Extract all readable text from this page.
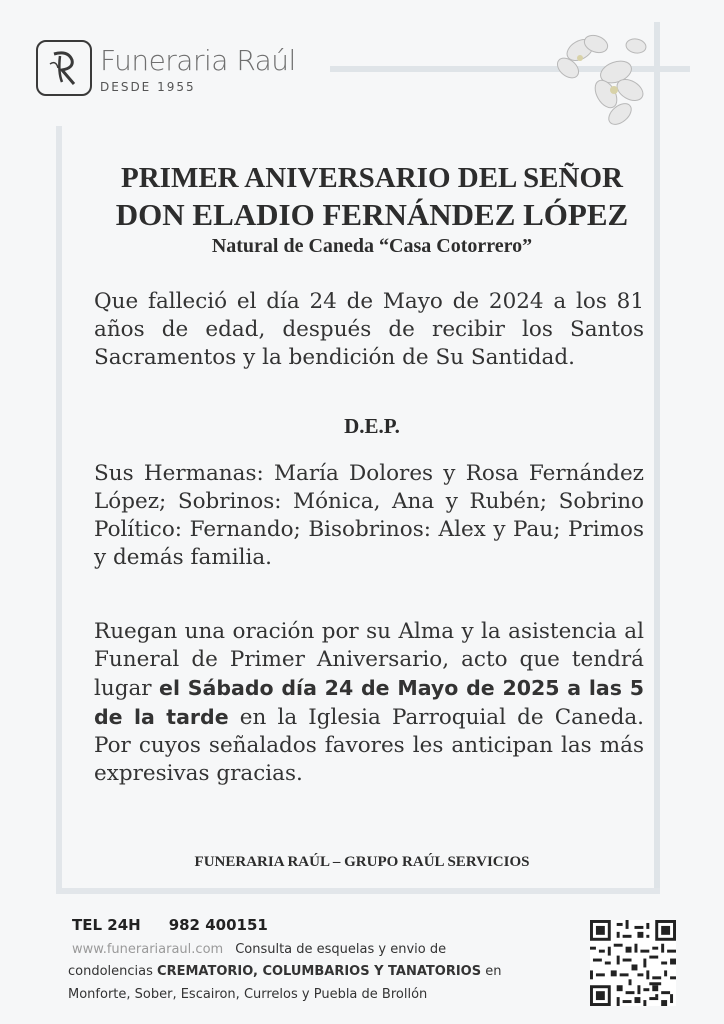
Funeraria Raúl
DESDE 1955
PRIMER ANIVERSARIO DEL SEÑOR
DON ELADIO FERNÁNDEZ LÓPEZ
Natural de Caneda “Casa Cotorrero”
Que falleció el día 24 de Mayo de 2024 a los 81 años de edad, después de recibir los Santos Sacramentos y la bendición de Su Santidad.
D.E.P.
Sus Hermanas: María Dolores y Rosa Fernández López; Sobrinos: Mónica, Ana y Rubén; Sobrino Político: Fernando; Bisobrinos: Alex y Pau; Primos y demás familia.
Ruegan una oración por su Alma y la asistencia al Funeral de Primer Aniversario, acto que tendrá lugar el Sábado día 24 de Mayo de 2025 a las 5 de la tarde en la Iglesia Parroquial de Caneda. Por cuyos señalados favores les anticipan las más expresivas gracias.
FUNERARIA RAÚL – GRUPO RAÚL SERVICIOS
TEL 24H 982 400151
www.funerariaraul.com Consulta de esquelas y envio de
condolencias CREMATORIO, COLUMBARIOS Y TANATORIOS en
Monforte, Sober, Escairon, Currelos y Puebla de Brollón
